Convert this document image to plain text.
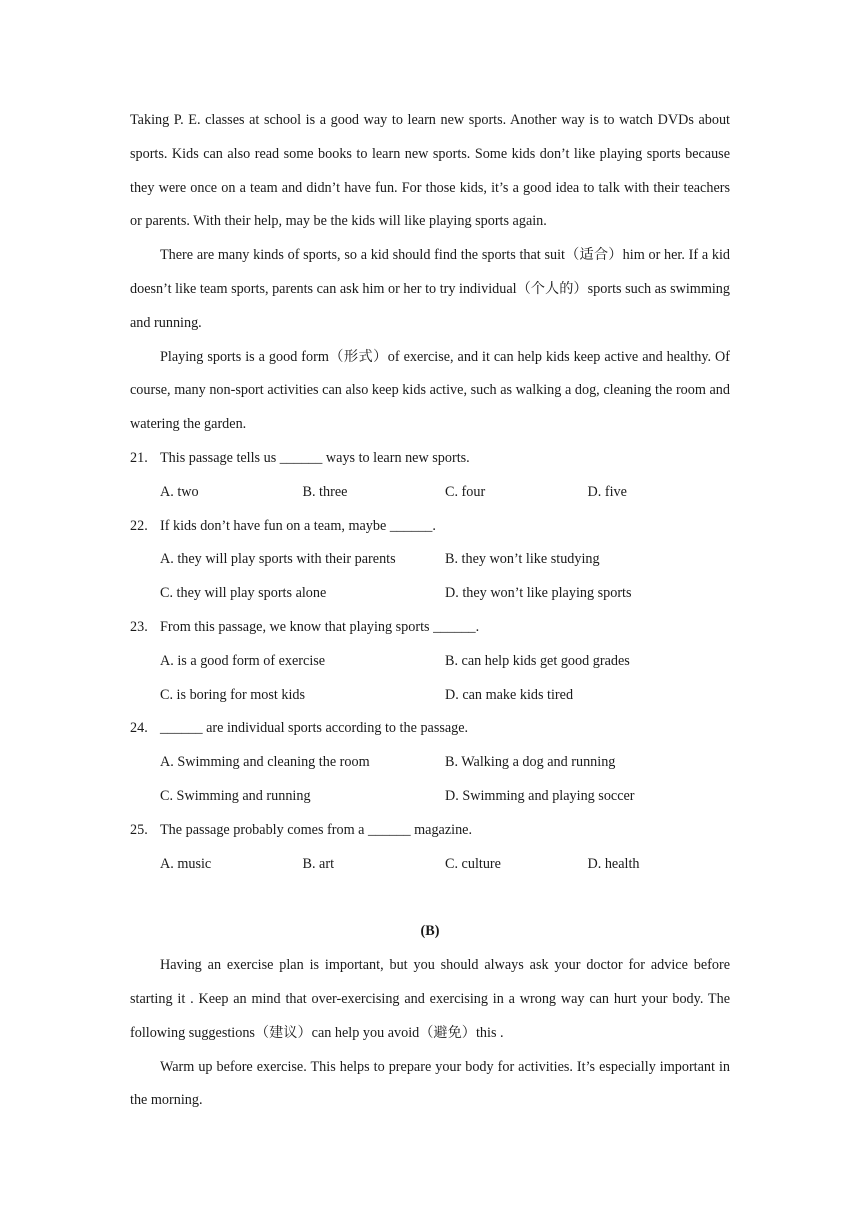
Taking P. E. classes at school is a good way to learn new sports. Another way is to watch DVDs about sports. Kids can also read some books to learn new sports. Some kids don’t like playing sports because they were once on a team and didn’t have fun. For those kids, it’s a good idea to talk with their teachers or parents. With their help, may be the kids will like playing sports again.

There are many kinds of sports, so a kid should find the sports that suit（适合）him or her. If a kid doesn’t like team sports, parents can ask him or her to try individual（个人的）sports such as swimming and running.

Playing sports is a good form（形式）of exercise, and it can help kids keep active and healthy. Of course, many non-sport activities can also keep kids active, such as walking a dog, cleaning the room and watering the garden.

21. This passage tells us ______ ways to learn new sports.
A. two	B. three	C. four	D. five
22. If kids don’t have fun on a team, maybe ______.
A. they will play sports with their parents	B. they won’t like studying
C. they will play sports alone	D. they won’t like playing sports
23. From this passage, we know that playing sports ______.
A. is a good form of exercise	B. can help kids get good grades
C. is boring for most kids	D. can make kids tired
24. ______ are individual sports according to the passage.
A. Swimming and cleaning the room	B. Walking a dog and running
C. Swimming and running	D. Swimming and playing soccer
25. The passage probably comes from a ______ magazine.
A. music	B. art	C. culture	D. health
(B)

Having an exercise plan is important, but you should always ask your doctor for advice before starting it . Keep an mind that over-exercising and exercising in a wrong way can hurt your body. The following suggestions（建议）can help you avoid（避免）this .

Warm up before exercise. This helps to prepare your body for activities. It’s especially important in the morning.
